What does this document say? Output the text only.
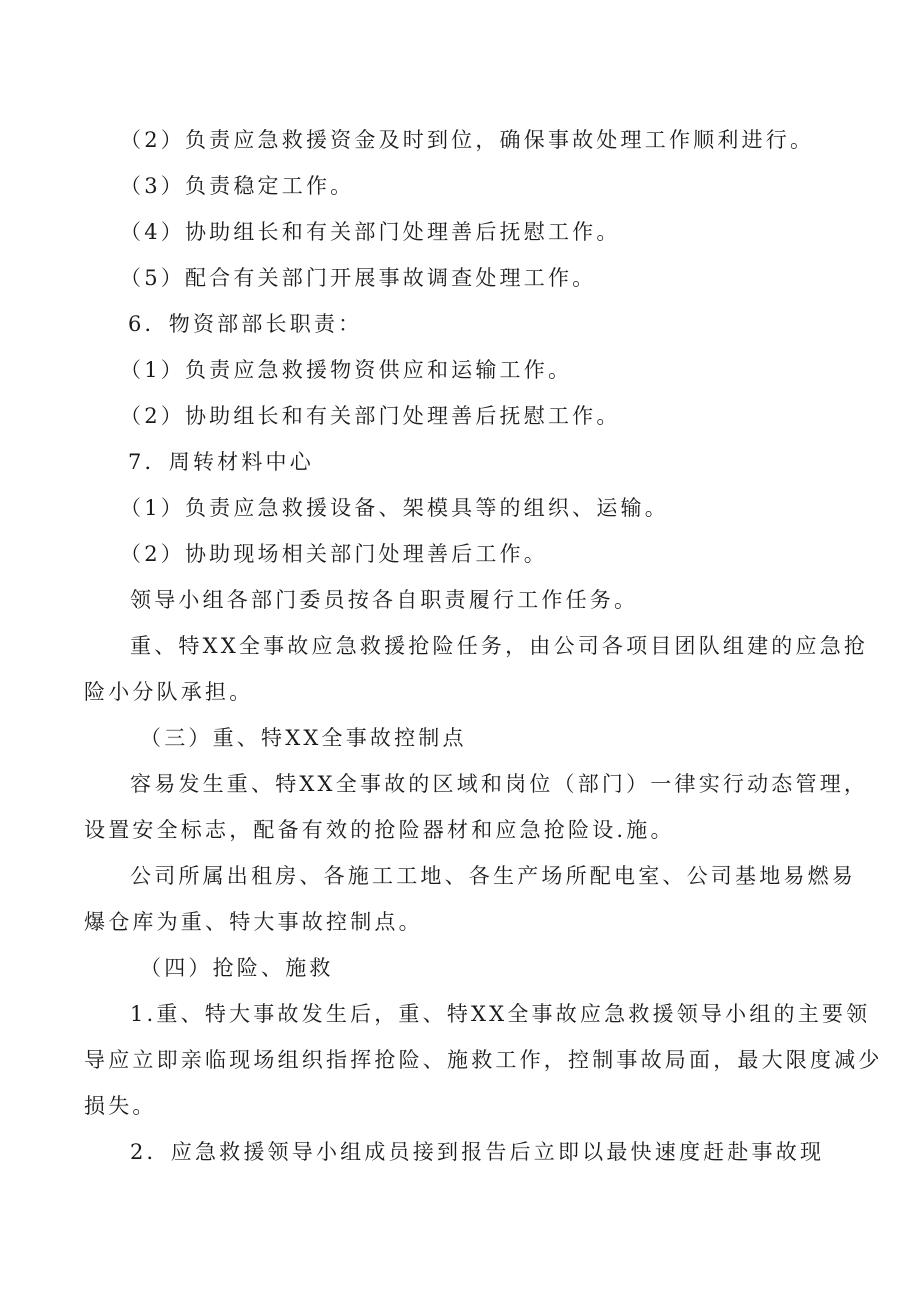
（2）负责应急救援资金及时到位，确保事故处理工作顺利进行。
（3）负责稳定工作。
（4）协助组长和有关部门处理善后抚慰工作。
（5）配合有关部门开展事故调查处理工作。
6．物资部部长职责：
（1）负责应急救援物资供应和运输工作。
（2）协助组长和有关部门处理善后抚慰工作。
7．周转材料中心
（1）负责应急救援设备、架模具等的组织、运输。
（2）协助现场相关部门处理善后工作。
领导小组各部门委员按各自职责履行工作任务。
重、特XX全事故应急救援抢险任务，由公司各项目团队组建的应急抢
险小分队承担。
（三）重、特XX全事故控制点
容易发生重、特XX全事故的区域和岗位（部门）一律实行动态管理，
设置安全标志，配备有效的抢险器材和应急抢险设.施。
公司所属出租房、各施工工地、各生产场所配电室、公司基地易燃易
爆仓库为重、特大事故控制点。
（四）抢险、施救
1.重、特大事故发生后，重、特XX全事故应急救援领导小组的主要领
导应立即亲临现场组织指挥抢险、施救工作，控制事故局面，最大限度减少
损失。
2．应急救援领导小组成员接到报告后立即以最快速度赶赴事故现
